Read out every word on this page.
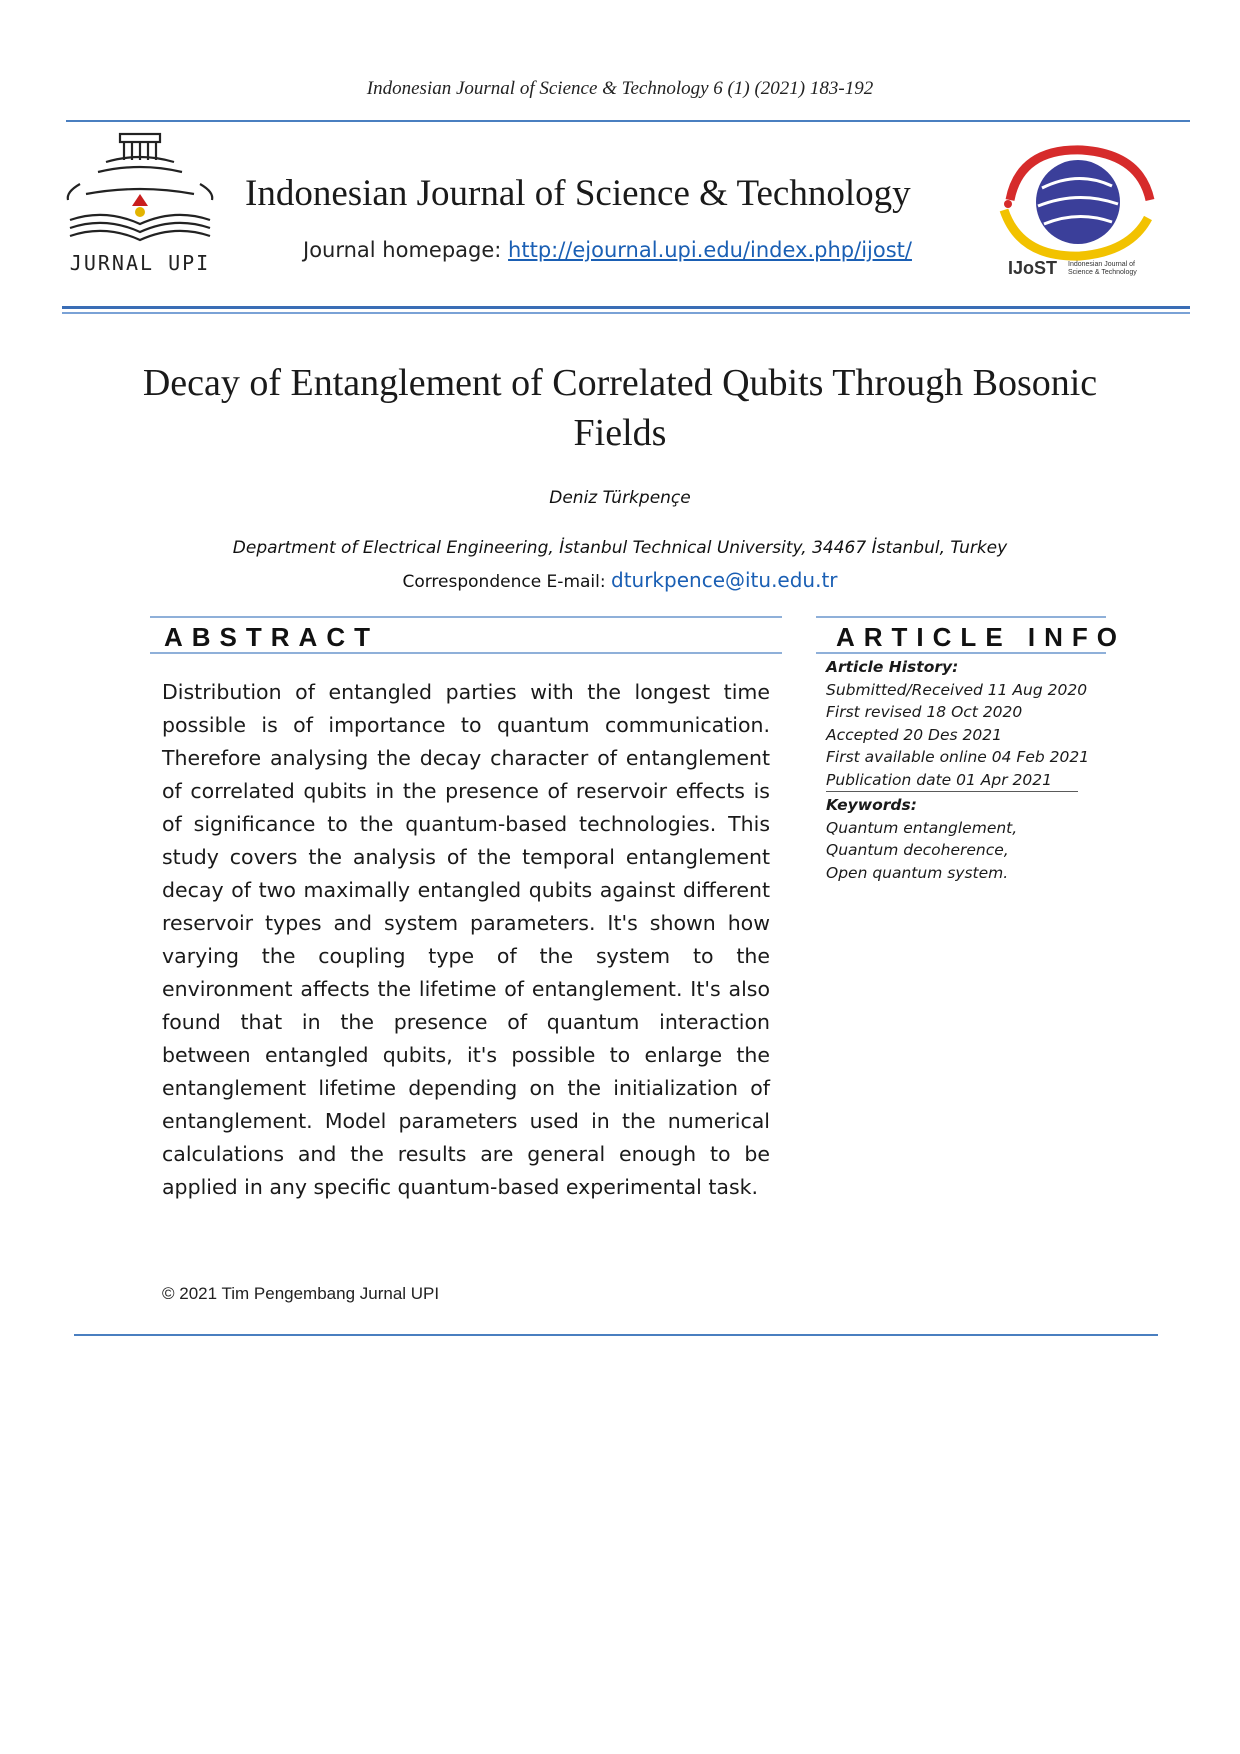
Indonesian Journal of Science & Technology 6 (1) (2021) 183-192
JURNAL UPI
Indonesian Journal of Science & Technology
Journal homepage: http://ejournal.upi.edu/index.php/ijost/
IJoST Indonesian Journal of
Science & Technology
Decay of Entanglement of Correlated Qubits Through Bosonic Fields
Deniz Türkpençe
Department of Electrical Engineering, İstanbul Technical University, 34467 İstanbul, Turkey
Correspondence E-mail: dturkpence@itu.edu.tr
ABSTRACT	ARTICLE INFO
Distribution of entangled parties with the longest time possible is of importance to quantum communication. Therefore analysing the decay character of entanglement of correlated qubits in the presence of reservoir effects is of significance to the quantum-based technologies. This study covers the analysis of the temporal entanglement decay of two maximally entangled qubits against different reservoir types and system parameters. It's shown how varying the coupling type of the system to the environment affects the lifetime of entanglement. It's also found that in the presence of quantum interaction between entangled qubits, it's possible to enlarge the entanglement lifetime depending on the initialization of entanglement. Model parameters used in the numerical calculations and the results are general enough to be applied in any specific quantum-based experimental task.
Article History:
Submitted/Received 11 Aug 2020
First revised 18 Oct 2020
Accepted 20 Des 2021
First available online 04 Feb 2021
Publication date 01 Apr 2021
Keywords:
Quantum entanglement,
Quantum decoherence,
Open quantum system.
© 2021 Tim Pengembang Jurnal UPI
